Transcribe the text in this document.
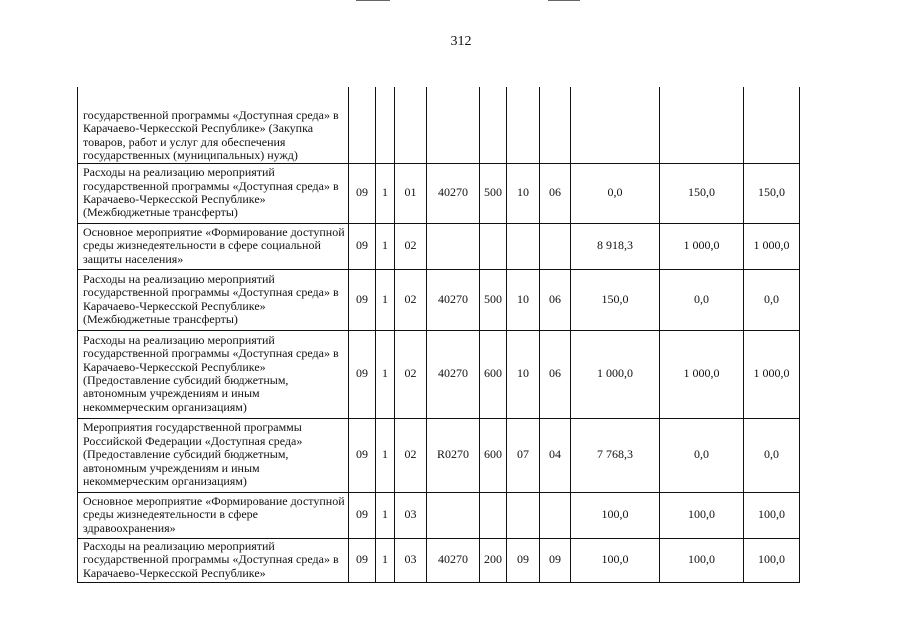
312
государственной программы «Доступная среда» в Карачаево-Черкесской Республике» (Закупка товаров, работ и услуг для обеспечения государственных (муниципальных) нужд)										
Расходы на реализацию мероприятий государственной программы «Доступная среда» в Карачаево-Черкесской Республике» (Межбюджетные трансферты)	09	1	01	40270	500	10	06	0,0	150,0	150,0
Основное мероприятие «Формирование доступной среды жизнедеятельности в сфере социальной защиты населения»	09	1	02					8 918,3	1 000,0	1 000,0
Расходы на реализацию мероприятий государственной программы «Доступная среда» в Карачаево-Черкесской Республике» (Межбюджетные трансферты)	09	1	02	40270	500	10	06	150,0	0,0	0,0
Расходы на реализацию мероприятий государственной программы «Доступная среда» в Карачаево-Черкесской Республике» (Предоставление субсидий бюджетным, автономным учреждениям и иным некоммерческим организациям)	09	1	02	40270	600	10	06	1 000,0	1 000,0	1 000,0
Мероприятия государственной программы Российской Федерации «Доступная среда» (Предоставление субсидий бюджетным, автономным учреждениям и иным некоммерческим организациям)	09	1	02	R0270	600	07	04	7 768,3	0,0	0,0
Основное мероприятие «Формирование доступной среды жизнедеятельности в сфере здравоохранения»	09	1	03					100,0	100,0	100,0
Расходы на реализацию мероприятий государственной программы «Доступная среда» в Карачаево-Черкесской Республике»	09	1	03	40270	200	09	09	100,0	100,0	100,0
